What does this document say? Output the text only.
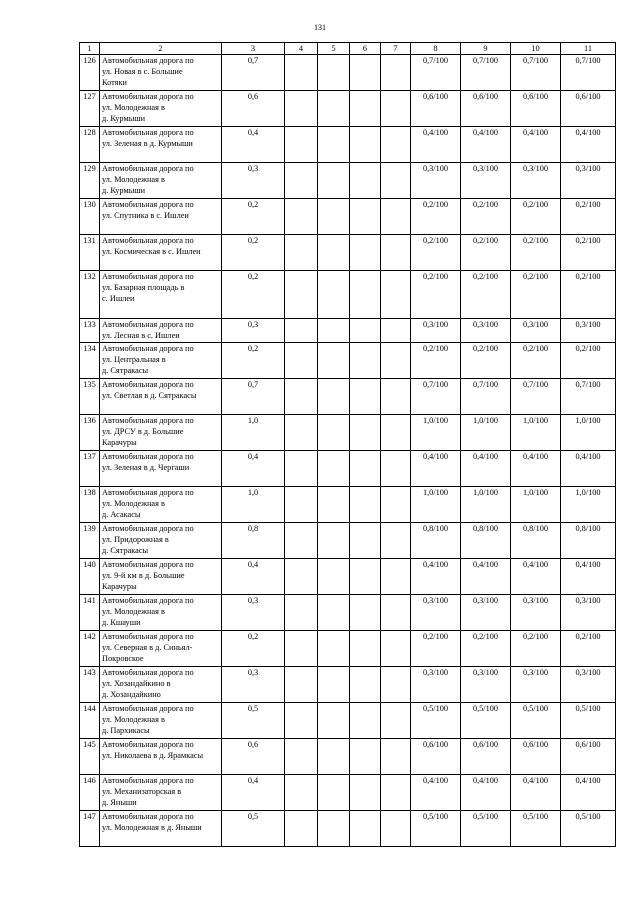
131
1	2	3	4	5	6	7	8	9	10	11
126	Автомобильная дорога по
ул. Новая в с. Большие
Котяки	0,7					0,7/100	0,7/100	0,7/100	0,7/100
127	Автомобильная дорога по
ул. Молодежная в
д. Курмыши	0,6					0,6/100	0,6/100	0,6/100	0,6/100
128	Автомобильная дорога по
ул. Зеленая в д. Курмыши	0,4					0,4/100	0,4/100	0,4/100	0,4/100
129	Автомобильная дорога по
ул. Молодежная в
д. Курмыши	0,3					0,3/100	0,3/100	0,3/100	0,3/100
130	Автомобильная дорога по
ул. Спутника в с. Ишлеи	0,2					0,2/100	0,2/100	0,2/100	0,2/100
131	Автомобильная дорога по
ул. Космическая в с. Ишлеи	0,2					0,2/100	0,2/100	0,2/100	0,2/100
132	Автомобильная дорога по
ул. Базарная площадь в
с. Ишлеи	0,2					0,2/100	0,2/100	0,2/100	0,2/100
133	Автомобильная дорога по
ул. Лесная в с. Ишлеи	0,3					0,3/100	0,3/100	0,3/100	0,3/100
134	Автомобильная дорога по
ул. Центральная в
д. Сятракасы	0,2					0,2/100	0,2/100	0,2/100	0,2/100
135	Автомобильная дорога по
ул. Светлая в д. Сятракасы	0,7					0,7/100	0,7/100	0,7/100	0,7/100
136	Автомобильная дорога по
ул. ДРСУ в д. Большие
Карачуры	1,0					1,0/100	1,0/100	1,0/100	1,0/100
137	Автомобильная дорога по
ул. Зеленая в д. Чергаши	0,4					0,4/100	0,4/100	0,4/100	0,4/100
138	Автомобильная дорога по
ул. Молодежная в
д. Асакасы	1,0					1,0/100	1,0/100	1,0/100	1,0/100
139	Автомобильная дорога по
ул. Придорожная в
д. Сятракасы	0,8					0,8/100	0,8/100	0,8/100	0,8/100
140	Автомобильная дорога по
ул. 9-й км в д. Большие
Карачуры	0,4					0,4/100	0,4/100	0,4/100	0,4/100
141	Автомобильная дорога по
ул. Молодежная в
д. Кшауши	0,3					0,3/100	0,3/100	0,3/100	0,3/100
142	Автомобильная дорога по
ул. Северная в д. Синьял-
Покровское	0,2					0,2/100	0,2/100	0,2/100	0,2/100
143	Автомобильная дорога по
ул. Хозандайкино в
д. Хозандайкино	0,3					0,3/100	0,3/100	0,3/100	0,3/100
144	Автомобильная дорога по
ул. Молодежная в
д. Пархикасы	0,5					0,5/100	0,5/100	0,5/100	0,5/100
145	Автомобильная дорога по
ул. Николаева в д. Ярамкасы	0,6					0,6/100	0,6/100	0,6/100	0,6/100
146	Автомобильная дорога по
ул. Механизаторская в
д. Яныши	0,4					0,4/100	0,4/100	0,4/100	0,4/100
147	Автомобильная дорога по
ул. Молодежная в д. Яныши	0,5					0,5/100	0,5/100	0,5/100	0,5/100
